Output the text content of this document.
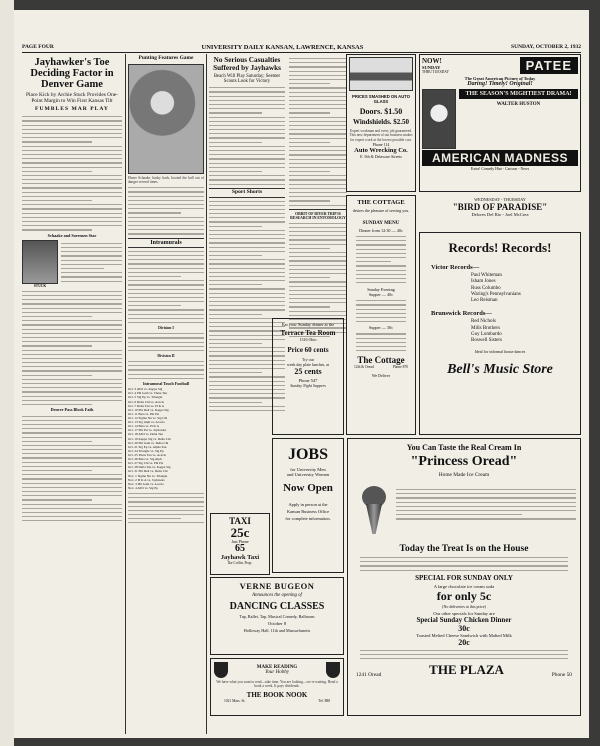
PAGE FOUR	UNIVERSITY DAILY KANSAN, LAWRENCE, KANSAS	SUNDAY, OCTOBER 2, 1932
Jayhawker's Toe Deciding Factor in Denver Game
Place Kick by Archie Stuck Provides One-Point Margin to Win First Kansas Tilt
FUMBLES MAR PLAY
Schaake and Sorensen Star
STUCK
Denver Pass Block Fails
Punting Features Game
Elmer Schaake, husky back, booted the ball out of danger several times.
Intramurals
Division I
Division II
Intramural Touch Football
Oct. 3 ATO vs. Kappa Sig
Oct. 4 Phi Gam vs. Theta Tau
Oct. 5 Sig Ep vs. Triangle
Oct. 6 Delta Chi vs. Acacia
Oct. 7 Delta Tau vs. Pi K A
Oct. 10 Phi Delt vs. Kappa Sig
Oct. 11 Beta vs. Phi Psi
Oct. 12 Sigma Nu vs. Sig Chi
Oct. 13 Sig Alph vs. Acacia
Oct. 14 Beta vs. Pi K A
Oct. 17 Phi Psi vs. Jayhawks
Oct. 18 ATO vs. Delta Tau
Oct. 19 Kappa Sig vs. Delta Chi
Oct. 20 Phi Gam vs. Delta Chi
Oct. 21 Sig Ep vs. Alpha Tau
Oct. 24 Triangle vs. Sig Ep
Oct. 25 Theta Tau vs. Acacia
Oct. 26 Beta vs. Sig Alph
Oct. 27 Sig Chi vs. Phi Psi
Oct. 28 Delta Tau vs. Kappa Sig
Oct. 31 Phi Delt vs. Delta Chi
Nov. 1 Sigma Nu vs. Triangle
Nov. 2 Pi K A vs. Jayhawks
Nov. 3 Phi Gam vs. Acacia
Nov. 4 ATO vs. Sig Ep
No Serious Casualties Suffered by Jayhawks
Beach Will Play Saturday; Seemer Scouts Look for Victory
Sport Shorts
ORBIT OF RIVER TRIP IS RESEARCH IN ENTOMOLOGY
PRICES SMASHED ON AUTO GLASS
Doors. $1.50
Windshields. $2.50
Expert workman and every job guaranteed. This new department of our business makes for expert work at the lowest possible cost.
Phone 114
Auto Wrecking Co.
E. 9th & Delaware Streets
THE COTTAGE
desires the pleasure of serving you.
SUNDAY MENU
Dinner from 12:30 — 40c
Sunday Evening
Supper — 40c
Supper — 30c
The Cottage
12th & Oread	Phone 870
We Deliver
NOW!
SUNDAY
THRU TUESDAY	PATEE
The Great American Picture of Today
Daring! Timely! Original!
THE SEASON'S MIGHTIEST DRAMA!
WALTER HUSTON
AMERICAN MADNESS
Extra! Comedy Hint - Cartoon - News
WEDNESDAY - THURSDAY
"BIRD OF PARADISE"
Delores Del Rio - Joel McCrea
Records! Records!
Victor Records—
Paul Whiteman
Isham Jones
Russ Columbo
Waring's Pennsylvanians
Leo Reisman
Brunswick Records—
Red Nichols
Mills Brothers
Guy Lombardo
Boswell Sisters
Ideal for informal house dances
Bell's Music Store
Eat your Sunday dinner at the
Terrace Tea Room
1316 Ohio
Price 60 cents
Try our
week day plate lunches, at
25 cents
Phone 547
Sunday Night Suppers
JOBS
for University Men
and University Women
Now Open
Apply in person at the
Kansan Business Office
for complete information.
TAXI
25c
Just Phone
65
Jayhawk Taxi
Ike Coffin, Prop.
VERNE BUGEON
Announces the opening of
DANCING CLASSES
Tap, Ballet, Tap, Musical Comedy, Ballroom
October 8
Holloway Hall, 11th and Massachusetts
MAKE READING
Your Hobby
We have what you want to read—take time. You are looking—we re waiting. Read a book a week. It pays dividends.
THE BOOK NOOK
1021 Mass. St.	Tel. 888
You Can Taste the Real Cream In
"Princess Oread"
Home Made Ice Cream
Today the Treat Is on the House
SPECIAL FOR SUNDAY ONLY
A large chocolate ice cream soda
for only 5c
(No deliveries at this price)
Our other specials for Sunday are
Special Sunday Chicken Dinner
30c
Toasted Melted Cheese Sandwich with Malted Milk
20c
1241 Oread	THE PLAZA	Phone 50
